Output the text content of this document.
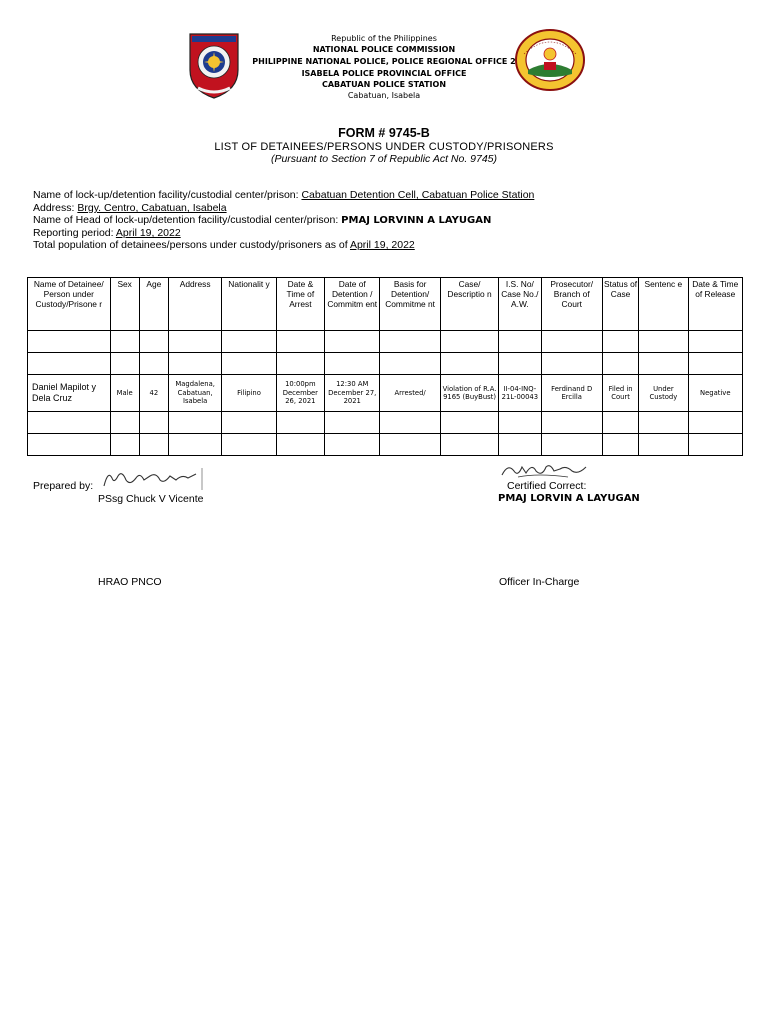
Republic of the Philippines
NATIONAL POLICE COMMISSION
PHILIPPINE NATIONAL POLICE, POLICE REGIONAL OFFICE 2
ISABELA POLICE PROVINCIAL OFFICE
CABATUAN POLICE STATION
Cabatuan, Isabela
FORM # 9745-B
LIST OF DETAINEES/PERSONS UNDER CUSTODY/PRISONERS
(Pursuant to Section 7 of Republic Act No. 9745)
Name of lock-up/detention facility/custodial center/prison: Cabatuan Detention Cell, Cabatuan Police Station
Address: Brgy. Centro, Cabatuan, Isabela
Name of Head of lock-up/detention facility/custodial center/prison: PMAJ LORVINN A LAYUGAN
Reporting period: April 19, 2022
Total population of detainees/persons under custody/prisoners as of April 19, 2022
Name of Detainee/ Person under Custody/Prisone r	Sex	Age	Address	Nationalit y	Date & Time of Arrest	Date of Detention / Commitm ent	Basis for Detention/ Commitme nt	Case/ Descriptio n	I.S. No/ Case No./ A.W.	Prosecutor/ Branch of Court	Status of Case	Sentenc e	Date & Time of Release

Daniel Mapilot y Dela Cruz	Male	42	Magdalena, Cabatuan, Isabela	Filipino	10:00pm December 26, 2021	12:30 AM December 27, 2021	Arrested/	Violation of R.A. 9165 (BuyBust)	II-04-INQ-21L-00043	Ferdinand D Ercilla	Filed in Court	Under Custody	Negative

Prepared by:
PSsg Chuck V Vicente
HRAO PNCO
Certified Correct:
PMAJ LORVIN A LAYUGAN
Officer In-Charge
